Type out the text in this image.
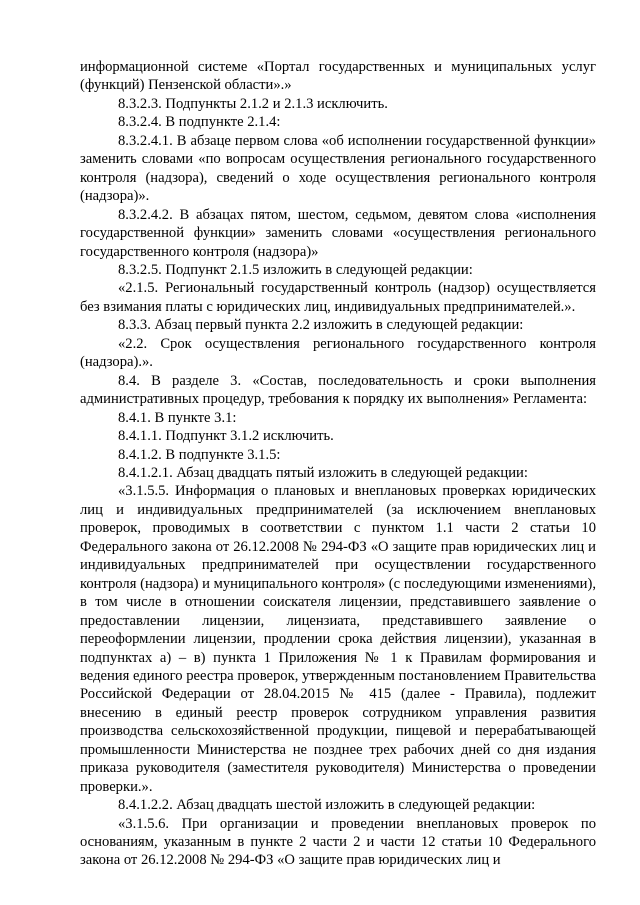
информационной системе «Портал государственных и муниципальных услуг (функций) Пензенской области».»

8.3.2.3. Подпункты 2.1.2 и 2.1.3 исключить.

8.3.2.4. В подпункте 2.1.4:

8.3.2.4.1. В абзаце первом слова «об исполнении государственной функции» заменить словами «по вопросам осуществления регионального государственного контроля (надзора), сведений о ходе осуществления регионального контроля (надзора)».

8.3.2.4.2. В абзацах пятом, шестом, седьмом, девятом слова «исполнения государственной функции» заменить словами «осуществления регионального государственного контроля (надзора)»

8.3.2.5. Подпункт 2.1.5 изложить в следующей редакции:

«2.1.5. Региональный государственный контроль (надзор) осуществляется без взимания платы с юридических лиц, индивидуальных предпринимателей.».

8.3.3. Абзац первый пункта 2.2 изложить в следующей редакции:

«2.2. Срок осуществления регионального государственного контроля (надзора).».

8.4. В разделе 3. «Состав, последовательность и сроки выполнения административных процедур, требования к порядку их выполнения» Регламента:

8.4.1. В пункте 3.1:

8.4.1.1. Подпункт 3.1.2 исключить.

8.4.1.2. В подпункте 3.1.5:

8.4.1.2.1. Абзац двадцать пятый изложить в следующей редакции:

«3.1.5.5. Информация о плановых и внеплановых проверках юридических лиц и индивидуальных предпринимателей (за исключением внеплановых проверок, проводимых в соответствии с пунктом 1.1 части 2 статьи 10 Федерального закона от 26.12.2008 № 294-ФЗ «О защите прав юридических лиц и индивидуальных предпринимателей при осуществлении государственного контроля (надзора) и муниципального контроля» (с последующими изменениями), в том числе в отношении соискателя лицензии, представившего заявление о предоставлении лицензии, лицензиата, представившего заявление о переоформлении лицензии, продлении срока действия лицензии), указанная в подпунктах а) – в) пункта 1 Приложения № 1 к Правилам формирования и ведения единого реестра проверок, утвержденным постановлением Правительства Российской Федерации от 28.04.2015 № 415 (далее - Правила), подлежит внесению в единый реестр проверок сотрудником управления развития производства сельскохозяйственной продукции, пищевой и перерабатывающей промышленности Министерства не позднее трех рабочих дней со дня издания приказа руководителя (заместителя руководителя) Министерства о проведении проверки.».

8.4.1.2.2. Абзац двадцать шестой изложить в следующей редакции:

«3.1.5.6. При организации и проведении внеплановых проверок по основаниям, указанным в пункте 2 части 2 и части 12 статьи 10 Федерального закона от 26.12.2008 № 294-ФЗ «О защите прав юридических лиц и
